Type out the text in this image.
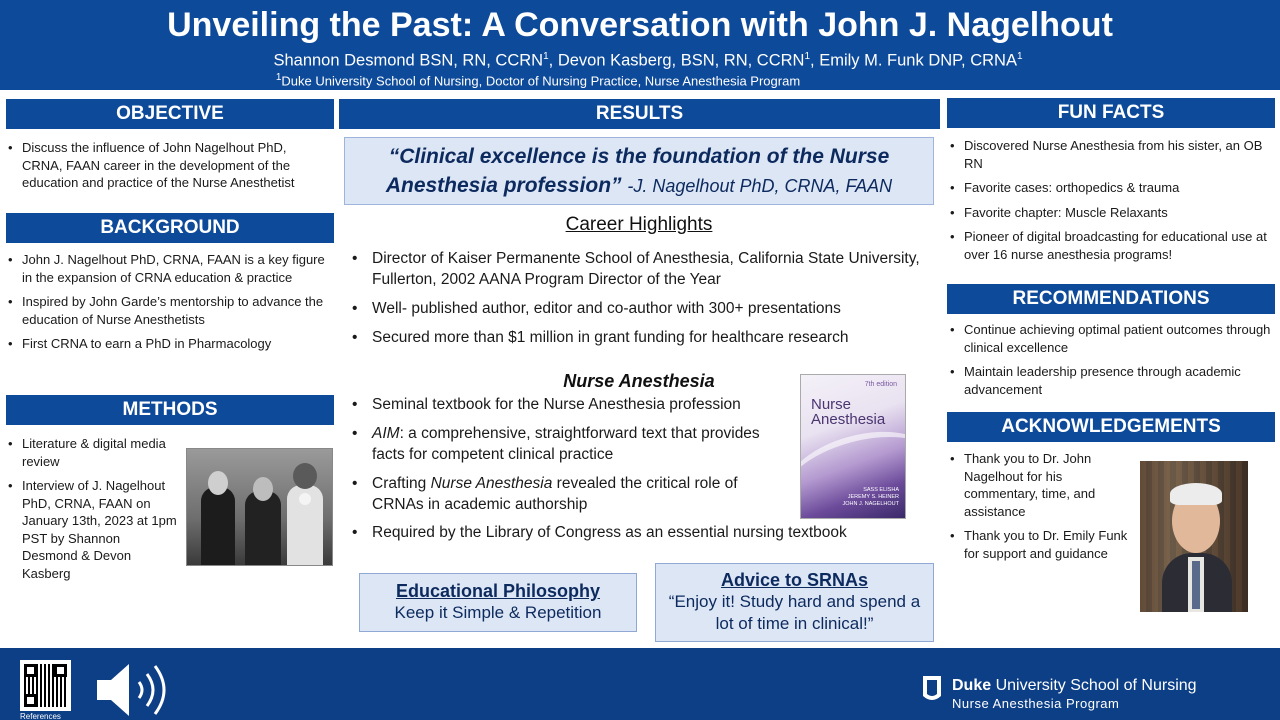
Unveiling the Past: A Conversation with John J. Nagelhout
Shannon Desmond BSN, RN, CCRN$^1$, Devon Kasberg, BSN, RN, CCRN$^1$, Emily M. Funk DNP, CRNA$^1$
$^1$Duke University School of Nursing, Doctor of Nursing Practice, Nurse Anesthesia Program
OBJECTIVE
• Discuss the influence of John Nagelhout PhD, CRNA, FAAN career in the development of the education and practice of the Nurse Anesthetist
BACKGROUND
• John J. Nagelhout PhD, CRNA, FAAN is a key figure in the expansion of CRNA education & practice
• Inspired by John Garde’s mentorship to advance the education of Nurse Anesthetists
• First CRNA to earn a PhD in Pharmacology
METHODS
• Literature & digital media review
• Interview of J. Nagelhout PhD, CRNA, FAAN on January 13th, 2023 at 1pm PST by Shannon Desmond & Devon Kasberg
RESULTS
“Clinical excellence is the foundation of the Nurse Anesthesia profession” -J. Nagelhout PhD, CRNA, FAAN
Career Highlights
• Director of Kaiser Permanente School of Anesthesia, California State University, Fullerton, 2002 AANA Program Director of the Year
• Well- published author, editor and co-author with 300+ presentations
• Secured more than $1 million in grant funding for healthcare research
Nurse Anesthesia
• Seminal textbook for the Nurse Anesthesia profession
• AIM: a comprehensive, straightforward text that provides facts for competent clinical practice
• Crafting Nurse Anesthesia revealed the critical role of CRNAs in academic authorship
• Required by the Library of Congress as an essential nursing textbook
7th edition
Nurse
Anesthesia
SASS ELISHA
JEREMY S. HEINER
JOHN J. NAGELHOUT
Educational Philosophy
Keep it Simple & Repetition
Advice to SRNAs
“Enjoy it! Study hard and spend a lot of time in clinical!”
FUN FACTS
• Discovered Nurse Anesthesia from his sister, an OB RN
• Favorite cases: orthopedics & trauma
• Favorite chapter: Muscle Relaxants
• Pioneer of digital broadcasting for educational use at over 16 nurse anesthesia programs!
RECOMMENDATIONS
• Continue achieving optimal patient outcomes through clinical excellence
• Maintain leadership presence through academic advancement
ACKNOWLEDGEMENTS
• Thank you to Dr. John Nagelhout for his commentary, time, and assistance
• Thank you to Dr. Emily Funk for support and guidance
References
Duke University School of Nursing
Nurse Anesthesia Program
